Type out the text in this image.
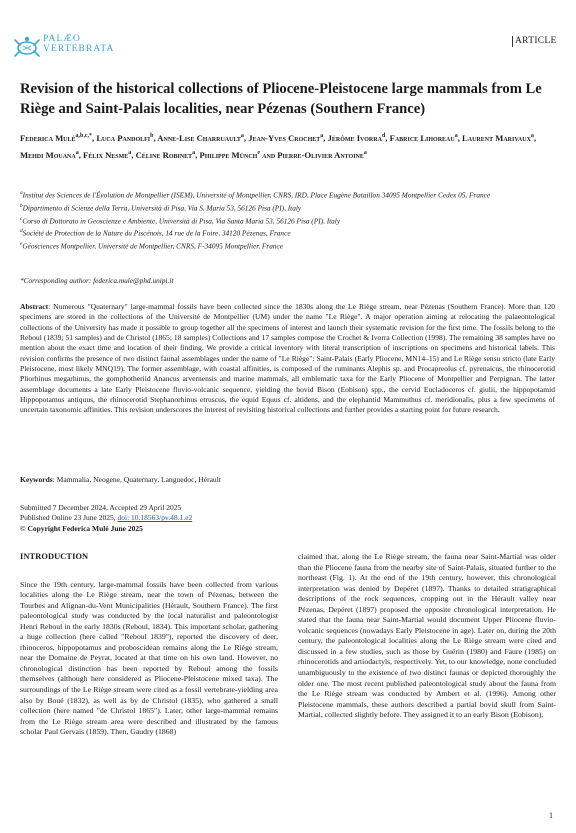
PALÆO
VERTEBRATA
ARTICLE
Revision of the historical collections of Pliocene-Pleistocene large mammals from Le Riège and Saint-Palais localities, near Pézenas (Southern France)
Federica Mulè$^{a,b,c,*}$, Luca Pandolfi$^b$, Anne-Lise Charruault$^a$, Jean-Yves Crochet$^a$, Jérôme Ivorra$^d$, Fabrice Lihoreau$^a$, Laurent Marivaux$^a$, Mehdi Mouana$^a$, Félix Nesme$^a$, Céline Robinet$^a$, Philippe Münch$^e$ and Pierre-Olivier Antoine$^a$
$^a$Institut des Sciences de l'Évolution de Montpellier (ISEM), Université of Montpellier, CNRS, IRD, Place Eugène Bataillon 34095 Montpellier Cedex 05, France
$^b$Dipartimento di Scienze della Terra, Università di Pisa, Via S. Maria 53, 56126 Pisa (PI), Italy
$^c$Corso di Dottorato in Geoscienze e Ambiente, Università di Pisa, Via Santa Maria 53, 56126 Pisa (PI), Italy
$^d$Société de Protection de la Nature du Piscénois, 14 rue de la Foire, 34120 Pézenas, France
$^e$Géosciences Montpellier, Université de Montpellier, CNRS, F-34095 Montpellier, France
*Corresponding author: federica.mule@phd.unipi.it

Abstract: Numerous "Quaternary" large-mammal fossils have been collected since the 1830s along the Le Riège stream, near Pézenas (Southern France). More than 120 specimens are stored in the collections of the Université de Montpellier (UM) under the name "Le Riège". A major operation aiming at relocating the palaeontological collections of the University has made it possible to group together all the specimens of interest and launch their systematic revision for the first time. The fossils belong to the Reboul (1839; 51 samples) and de Christol (1865; 18 samples) Collections and 17 samples compose the Crochet & Ivorra Collection (1998). The remaining 38 samples have no mention about the exact time and location of their finding. We provide a critical inventory with literal transcription of inscriptions on specimens and historical labels. This revision confirms the presence of two distinct faunal assemblages under the name of "Le Riège": Saint-Palais (Early Pliocene, MN14–15) and Le Riège sensu stricto (late Early Pleistocene, most likely MNQ19). The former assemblage, with coastal affinities, is composed of the ruminants Alephis sp. and Procapreolus cf. pyrenaicus, the rhinocerotid Pliorhinus megarhinus, the gomphotheriid Anancus arvernensis and marine mammals, all emblematic taxa for the Early Pliocene of Montpellier and Perpignan. The latter assemblage documents a late Early Pleistocene fluvio-volcanic sequence, yielding the bovid Bison (Eobison) spp., the cervid Eucladoceros cf. giulii, the hippopotamid Hippopotamus antiquus, the rhinocerotid Stephanorhinus etruscus, the equid Equus cf. altidens, and the elephantid Mammuthus cf. meridionalis, plus a few specimens of uncertain taxonomic affinities. This revision underscores the interest of revisiting historical collections and further provides a starting point for future research.

Keywords: Mammalia, Neogene, Quaternary, Languedoc, Hérault
Submitted 7 December 2024, Accepted 29 April 2025
Published Online 23 June 2025, doi: 10.18563/pv.48.1.e2
© Copyright Federica Mulè June 2025
INTRODUCTION

Since the 19th century, large-mammal fossils have been collected from various localities along the Le Riège stream, near the town of Pézenas, between the Tourbes and Alignan-du-Vent Municipalities (Hérault, Southern France). The first paleontological study was conducted by the local naturalist and paleontologist Henri Reboul in the early 1830s (Reboul, 1834). This important scholar, gathering a huge collection (here called "Reboul 1839"), reported the discovery of deer, rhinoceros, hippopotamus and proboscidean remains along the Le Riège stream, near the Domaine de Peyrat, located at that time on his own land. However, no chronological distinction has been reported by Reboul among the fossils themselves (although here considered as Pliocene-Pleistocene mixed taxa). The surroundings of the Le Riège stream were cited as a fossil vertebrate-yielding area also by Boué (1832), as well as by de Christol (1835), who gathered a small collection (here named "de Christol 1865"). Later, other large-mammal remains from the Le Riège stream area were described and illustrated by the famous scholar Paul Gervais (1859). Then, Gaudry (1868)

claimed that, along the Le Riège stream, the fauna near Saint-Martial was older than the Pliocene fauna from the nearby site of Saint-Palais, situated further to the northeast (Fig. 1). At the end of the 19th century, however, this chronological interpretation was denied by Depéret (1897). Thanks to detailed stratigraphical descriptions of the rock sequences, cropping out in the Hérault valley near Pézenas, Depéret (1897) proposed the opposite chronological interpretation. He stated that the fauna near Saint-Martial would document Upper Pliocene fluvio-volcanic sequences (nowadays Early Pleistocene in age). Later on, during the 20th century, the paleontological localities along the Le Riège stream were cited and discussed in a few studies, such as those by Guérin (1980) and Faure (1985) on rhinocerotids and artiodactyls, respectively. Yet, to our knowledge, none concluded unambiguously to the existence of two distinct faunas or depicted thoroughly the older one. The most recent published paleontological study about the fauna from the Le Riège stream was conducted by Ambert et al. (1996). Among other Pleistocene mammals, these authors described a partial bovid skull from Saint-Martial, collected slightly before. They assigned it to an early Bison (Eobison),

1
